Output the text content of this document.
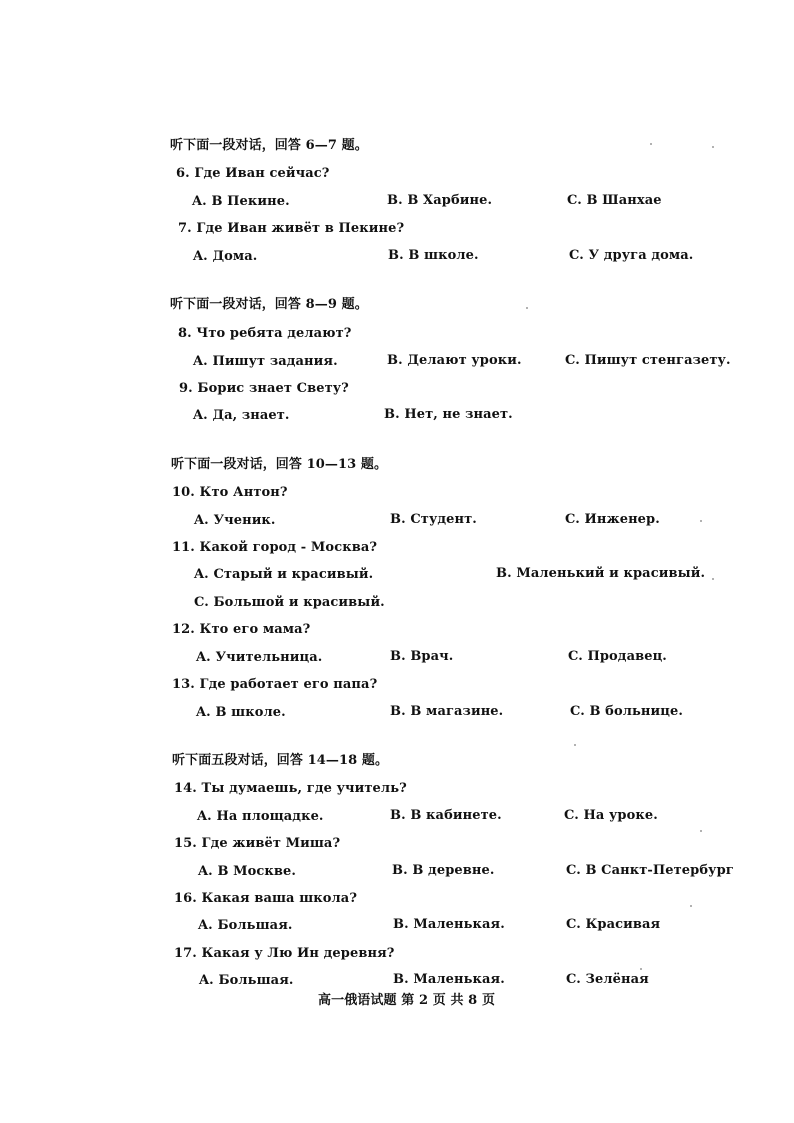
听下面一段对话，回答 6—7 题。
6. Где Иван сейчас?
A. В Пекине.	B. В Харбине.	C. В Шанхае
7. Где Иван живёт в Пекине?
A. Дома.	B. В школе.	C. У друга дома.
听下面一段对话，回答 8—9 题。
8. Что ребята делают?
A. Пишут задания.	B. Делают уроки.	C. Пишут стенгазету.
9. Борис знает Свету?
A. Да, знает.	B. Нет, не знает.
听下面一段对话，回答 10—13 题。
10. Кто Антон?
A. Ученик.	B. Студент.	C. Инженер.
11. Какой город - Москва?
A. Старый и красивый.	B. Маленький и красивый.
C. Большой и красивый.
12. Кто его мама?
A. Учительница.	B. Врач.	C. Продавец.
13. Где работает его папа?
A. В школе.	B. В магазине.	C. В больнице.
听下面五段对话，回答 14—18 题。
14. Ты думаешь, где учитель?
A. На площадке.	B. В кабинете.	C. На уроке.
15. Где живёт Миша?
A. В Москве.	B. В деревне.	C. В Санкт-Петербург
16. Какая ваша школа?
A. Большая.	B. Маленькая.	C. Красивая
17. Какая у Лю Ин деревня?
A. Большая.	B. Маленькая.	C. Зелёная
高一俄语试题 第 2 页 共 8 页
